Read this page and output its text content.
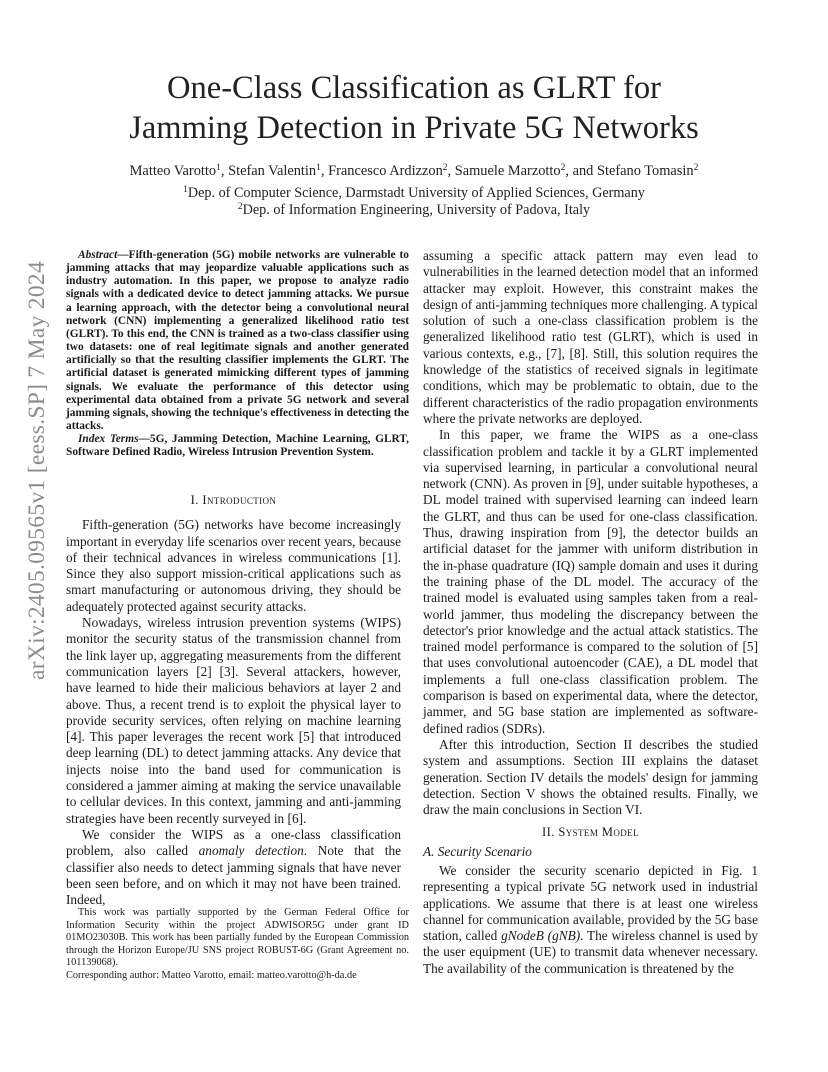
arXiv:2405.09565v1 [eess.SP] 7 May 2024
One-Class Classification as GLRT for
Jamming Detection in Private 5G Networks
Matteo Varotto$^1$, Stefan Valentin$^1$, Francesco Ardizzon$^2$, Samuele Marzotto$^2$, and Stefano Tomasin$^2$
$^1$Dep. of Computer Science, Darmstadt University of Applied Sciences, Germany
$^2$Dep. of Information Engineering, University of Padova, Italy

Abstract—Fifth-generation (5G) mobile networks are vulnerable to jamming attacks that may jeopardize valuable applications such as industry automation. In this paper, we propose to analyze radio signals with a dedicated device to detect jamming attacks. We pursue a learning approach, with the detector being a convolutional neural network (CNN) implementing a generalized likelihood ratio test (GLRT). To this end, the CNN is trained as a two-class classifier using two datasets: one of real legitimate signals and another generated artificially so that the resulting classifier implements the GLRT. The artificial dataset is generated mimicking different types of jamming signals. We evaluate the performance of this detector using experimental data obtained from a private 5G network and several jamming signals, showing the technique's effectiveness in detecting the attacks.

Index Terms—5G, Jamming Detection, Machine Learning, GLRT, Software Defined Radio, Wireless Intrusion Prevention System.

I. Introduction

Fifth-generation (5G) networks have become increasingly important in everyday life scenarios over recent years, because of their technical advances in wireless communications [1]. Since they also support mission-critical applications such as smart manufacturing or autonomous driving, they should be adequately protected against security attacks.

Nowadays, wireless intrusion prevention systems (WIPS) monitor the security status of the transmission channel from the link layer up, aggregating measurements from the different communication layers [2] [3]. Several attackers, however, have learned to hide their malicious behaviors at layer 2 and above. Thus, a recent trend is to exploit the physical layer to provide security services, often relying on machine learning [4]. This paper leverages the recent work [5] that introduced deep learning (DL) to detect jamming attacks. Any device that injects noise into the band used for communication is considered a jammer aiming at making the service unavailable to cellular devices. In this context, jamming and anti-jamming strategies have been recently surveyed in [6].

We consider the WIPS as a one-class classification problem, also called anomaly detection. Note that the classifier also needs to detect jamming signals that have never been seen before, and on which it may not have been trained. Indeed,

This work was partially supported by the German Federal Office for Information Security within the project ADWISOR5G under grant ID 01MO23030B. This work has been partially funded by the European Commission through the Horizon Europe/JU SNS project ROBUST-6G (Grant Agreement no. 101139068).

Corresponding author: Matteo Varotto, email: matteo.varotto@h-da.de

assuming a specific attack pattern may even lead to vulnerabilities in the learned detection model that an informed attacker may exploit. However, this constraint makes the design of anti-jamming techniques more challenging. A typical solution of such a one-class classification problem is the generalized likelihood ratio test (GLRT), which is used in various contexts, e.g., [7], [8]. Still, this solution requires the knowledge of the statistics of received signals in legitimate conditions, which may be problematic to obtain, due to the different characteristics of the radio propagation environments where the private networks are deployed.

In this paper, we frame the WIPS as a one-class classification problem and tackle it by a GLRT implemented via supervised learning, in particular a convolutional neural network (CNN). As proven in [9], under suitable hypotheses, a DL model trained with supervised learning can indeed learn the GLRT, and thus can be used for one-class classification. Thus, drawing inspiration from [9], the detector builds an artificial dataset for the jammer with uniform distribution in the in-phase quadrature (IQ) sample domain and uses it during the training phase of the DL model. The accuracy of the trained model is evaluated using samples taken from a real-world jammer, thus modeling the discrepancy between the detector's prior knowledge and the actual attack statistics. The trained model performance is compared to the solution of [5] that uses convolutional autoencoder (CAE), a DL model that implements a full one-class classification problem. The comparison is based on experimental data, where the detector, jammer, and 5G base station are implemented as software-defined radios (SDRs).

After this introduction, Section II describes the studied system and assumptions. Section III explains the dataset generation. Section IV details the models' design for jamming detection. Section V shows the obtained results. Finally, we draw the main conclusions in Section VI.

II. System Model
A. Security Scenario

We consider the security scenario depicted in Fig. 1 representing a typical private 5G network used in industrial applications. We assume that there is at least one wireless channel for communication available, provided by the 5G base station, called gNodeB (gNB). The wireless channel is used by the user equipment (UE) to transmit data whenever necessary. The availability of the communication is threatened by the
